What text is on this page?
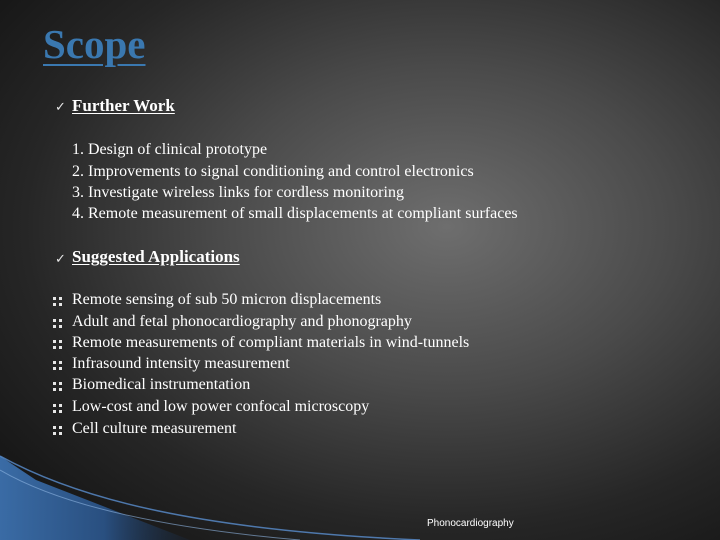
Scope
✓ Further Work
1. Design of clinical prototype
2. Improvements to signal conditioning and control electronics
3. Investigate wireless links for cordless monitoring
4. Remote measurement of small displacements at compliant surfaces
✓ Suggested Applications
Remote sensing of sub 50 micron displacements
Adult and fetal phonocardiography and phonography
Remote measurements of compliant materials in wind-tunnels
Infrasound intensity measurement
Biomedical instrumentation
Low-cost and low power confocal microscopy
Cell culture measurement
Phonocardiography
